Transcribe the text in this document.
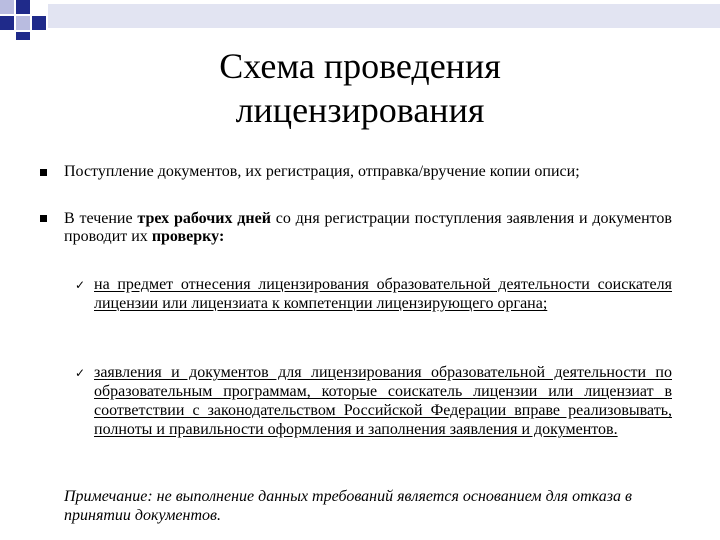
Схема проведения
лицензирования
Поступление документов, их регистрация, отправка/вручение копии описи;
В течение трех рабочих дней со дня регистрации поступления заявления и документов проводит их проверку:
✓ на предмет отнесения лицензирования образовательной деятельности соискателя лицензии или лицензиата к компетенции лицензирующего органа;
✓ заявления и документов для лицензирования образовательной деятельности по образовательным программам, которые соискатель лицензии или лицензиат в соответствии с законодательством Российской Федерации вправе реализовывать, полноты и правильности оформления и заполнения заявления и документов.
Примечание: не выполнение данных требований является основанием для отказа в принятии документов.
